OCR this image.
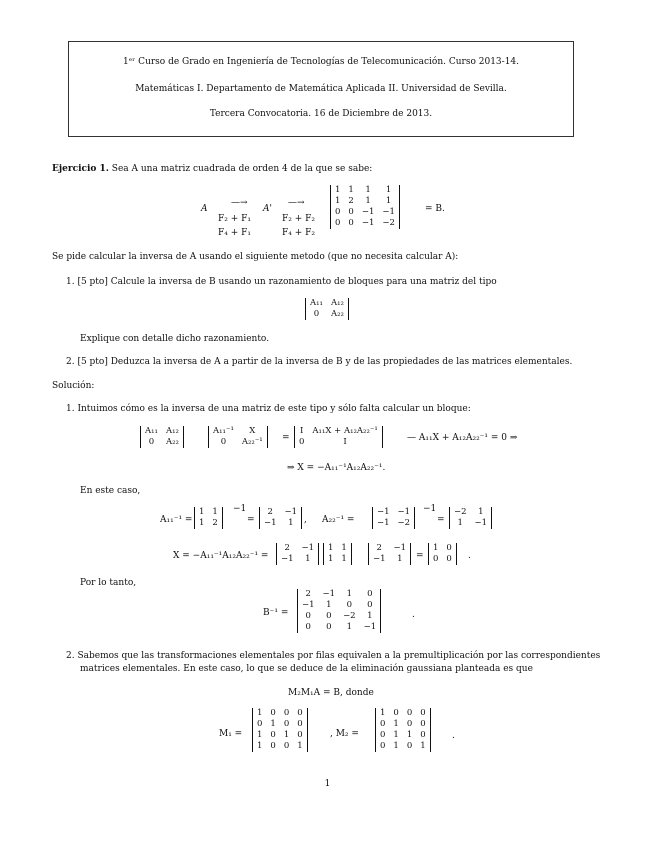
1ᵉʳ Curso de Grado en Ingeniería de Tecnologías de Telecomunicación. Curso 2013-14.
Matemáticas I. Departamento de Matemática Aplicada II. Universidad de Sevilla.
Tercera Convocatoria. 16 de Diciembre de 2013.
Ejercicio 1. Sea A una matriz cuadrada de orden 4 de la que se sabe:
A
—→
F₂ + F₁
F₄ + F₁
A'
—→
F₂ + F₂
F₄ + F₂
1	1	1	1
1	2	1	1
0	0	−1	−1
0	0	−1	−2
= B.
Se pide calcular la inversa de A usando el siguiente metodo (que no necesita calcular A):
1. [5 pto] Calcule la inversa de B usando un razonamiento de bloques para una matriz del tipo
A₁₁	A₁₂
0	A₂₂
Explique con detalle dicho razonamiento.
2. [5 pto] Deduzca la inversa de A a partir de la inversa de B y de las propiedades de las matrices elementales.
Solución:
1. Intuimos cómo es la inversa de una matriz de este tipo y sólo falta calcular un bloque:
A₁₁	A₁₂
0	A₂₂
A₁₁⁻¹	X
0	A₂₂⁻¹ =
I	A₁₁X + A₁₂A₂₂⁻¹
0	I	— A₁₁X + A₁₂A₂₂⁻¹ = 0 ⇒
⇒ X = −A₁₁⁻¹A₁₂A₂₂⁻¹.
En este caso,
A₁₁⁻¹ =
1	1
1	2
−1
=
2	−1
−1	1 , A₂₂⁻¹ =
−1	−1
−1	−2
−1
=
−2	1
1	−1
X = −A₁₁⁻¹A₁₂A₂₂⁻¹ =
2	−1
−1	1
1	1
1	1
2	−1
−1	1 =
1	0
0	0 .
Por lo tanto,
B⁻¹ =
2	−1	1	0
−1	1	0	0
0	0	−2	1
0	0	1	−1
.
2. Sabemos que las transformaciones elementales por filas equivalen a la premultiplicación por las correspondientes
matrices elementales. En este caso, lo que se deduce de la eliminación gaussiana planteada es que
M₂M₁A = B, donde
M₁ =
1	0	0	0
0	1	0	0
1	0	1	0
1	0	0	1
, M₂ =
1	0	0	0
0	1	0	0
0	1	1	0
0	1	0	1
.
1
